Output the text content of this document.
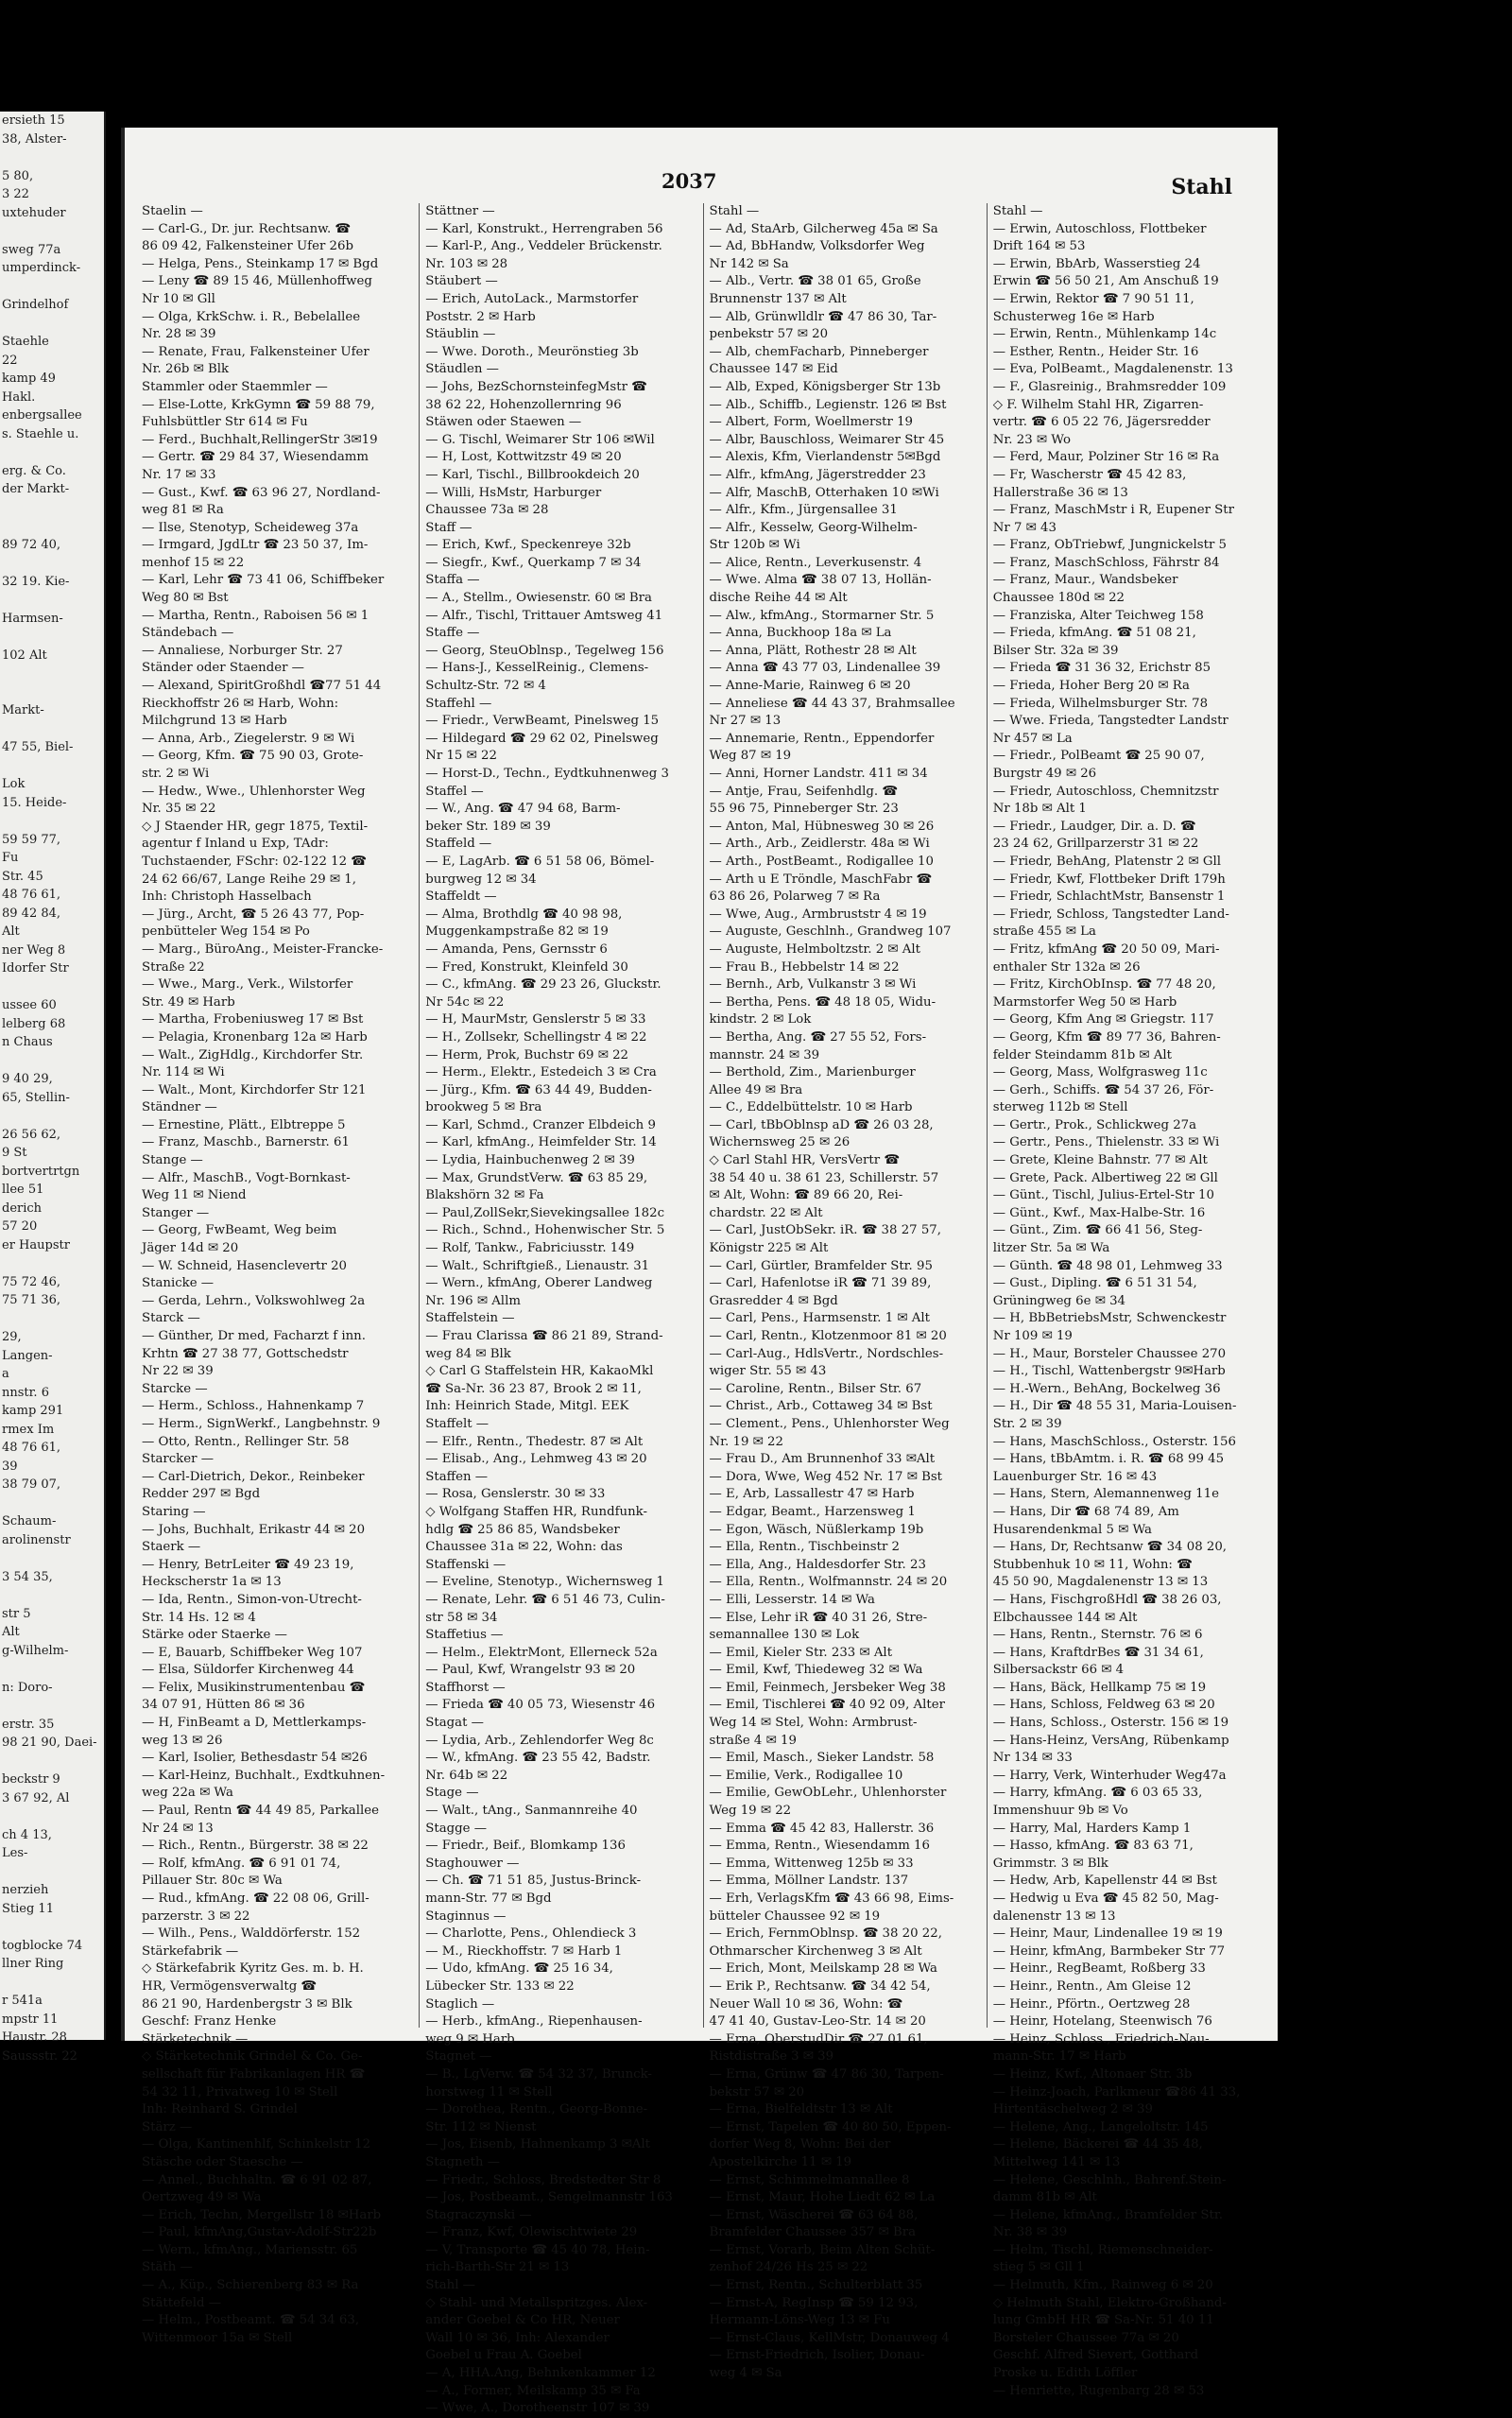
ersieth 15
38, Alster-

5 80,
3 22
uxtehuder

sweg 77a
umperdinck-

Grindelhof

Staehle
22
kamp 49
Hakl.
enbergsallee
s. Staehle u.

erg. & Co.
der Markt-

89 72 40,

32 19. Kie-

Harmsen-

102 Alt

Markt-

47 55, Biel-

Lok
15. Heide-

59 59 77,
Fu
Str. 45
48 76 61,
89 42 84,
Alt
ner Weg 8
Idorfer Str

ussee 60
lelberg 68
n Chaus

9 40 29,
65, Stellin-

26 56 62,
9 St
bortvertrtgn
llee 51
derich
57 20
er Haupstr

75 72 46,
75 71 36,

29,
Langen-
a
nnstr. 6
kamp 291
rmex Im
48 76 61,
39
38 79 07,

Schaum-
arolinenstr

3 54 35,

str 5
Alt
g-Wilhelm-

n: Doro-

erstr. 35
98 21 90, Daei-

beckstr 9
3 67 92, Al

ch 4 13,
Les-

nerzieh
Stieg 11

togblocke 74
llner Ring

r 541a
mpstr 11
Haustr. 28
Saussstr. 22
2037	Stahl
Staelin —
— Carl-G., Dr. jur. Rechtsanw. ☎
86 09 42, Falkensteiner Ufer 26b
— Helga, Pens., Steinkamp 17 ✉ Bgd
— Leny ☎ 89 15 46, Müllenhoffweg
Nr 10 ✉ Gll
— Olga, KrkSchw. i. R., Bebelallee
Nr. 28 ✉ 39
— Renate, Frau, Falkensteiner Ufer
Nr. 26b ✉ Blk
Stammler oder Staemmler —
— Else-Lotte, KrkGymn ☎ 59 88 79,
Fuhlsbüttler Str 614 ✉ Fu
— Ferd., Buchhalt,RellingerStr 3✉19
— Gertr. ☎ 29 84 37, Wiesendamm
Nr. 17 ✉ 33
— Gust., Kwf. ☎ 63 96 27, Nordland-
weg 81 ✉ Ra
— Ilse, Stenotyp, Scheideweg 37a
— Irmgard, JgdLtr ☎ 23 50 37, Im-
menhof 15 ✉ 22
— Karl, Lehr ☎ 73 41 06, Schiffbeker
Weg 80 ✉ Bst
— Martha, Rentn., Raboisen 56 ✉ 1
Ständebach —
— Annaliese, Norburger Str. 27
Ständer oder Staender —
— Alexand, SpiritGroßhdl ☎77 51 44
Rieckhoffstr 26 ✉ Harb, Wohn:
Milchgrund 13 ✉ Harb
— Anna, Arb., Ziegelerstr. 9 ✉ Wi
— Georg, Kfm. ☎ 75 90 03, Grote-
str. 2 ✉ Wi
— Hedw., Wwe., Uhlenhorster Weg
Nr. 35 ✉ 22
◇ J Staender HR, gegr 1875, Textil-
agentur f Inland u Exp, TAdr:
Tuchstaender, FSchr: 02-122 12 ☎
24 62 66/67, Lange Reihe 29 ✉ 1,
Inh: Christoph Hasselbach
— Jürg., Archt, ☎ 5 26 43 77, Pop-
penbütteler Weg 154 ✉ Po
— Marg., BüroAng., Meister-Francke-
Straße 22
— Wwe., Marg., Verk., Wilstorfer
Str. 49 ✉ Harb
— Martha, Frobeniusweg 17 ✉ Bst
— Pelagia, Kronenbarg 12a ✉ Harb
— Walt., ZigHdlg., Kirchdorfer Str.
Nr. 114 ✉ Wi
— Walt., Mont, Kirchdorfer Str 121
Ständner —
— Ernestine, Plätt., Elbtreppe 5
— Franz, Maschb., Barnerstr. 61
Stange —
— Alfr., MaschB., Vogt-Bornkast-
Weg 11 ✉ Niend
Stanger —
— Georg, FwBeamt, Weg beim
Jäger 14d ✉ 20
— W. Schneid, Hasenclevertr 20
Stanicke —
— Gerda, Lehrn., Volkswohlweg 2a
Starck —
— Günther, Dr med, Facharzt f inn.
Krhtn ☎ 27 38 77, Gottschedstr
Nr 22 ✉ 39
Starcke —
— Herm., Schloss., Hahnenkamp 7
— Herm., SignWerkf., Langbehnstr. 9
— Otto, Rentn., Rellinger Str. 58
Starcker —
— Carl-Dietrich, Dekor., Reinbeker
Redder 297 ✉ Bgd
Staring —
— Johs, Buchhalt, Erikastr 44 ✉ 20
Staerk —
— Henry, BetrLeiter ☎ 49 23 19,
Heckscherstr 1a ✉ 13
— Ida, Rentn., Simon-von-Utrecht-
Str. 14 Hs. 12 ✉ 4
Stärke oder Staerke —
— E, Bauarb, Schiffbeker Weg 107
— Elsa, Süldorfer Kirchenweg 44
— Felix, Musikinstrumentenbau ☎
34 07 91, Hütten 86 ✉ 36
— H, FinBeamt a D, Mettlerkamps-
weg 13 ✉ 26
— Karl, Isolier, Bethesdastr 54 ✉26
— Karl-Heinz, Buchhalt., Exdtkuhnen-
weg 22a ✉ Wa
— Paul, Rentn ☎ 44 49 85, Parkallee
Nr 24 ✉ 13
— Rich., Rentn., Bürgerstr. 38 ✉ 22
— Rolf, kfmAng. ☎ 6 91 01 74,
Pillauer Str. 80c ✉ Wa
— Rud., kfmAng. ☎ 22 08 06, Grill-
parzerstr. 3 ✉ 22
— Wilh., Pens., Walddörferstr. 152
Stärkefabrik —
◇ Stärkefabrik Kyritz Ges. m. b. H.
HR, Vermögensverwaltg ☎
86 21 90, Hardenbergstr 3 ✉ Blk
Geschf: Franz Henke
Stärketechnik —
◇ Stärketechnik Grindel & Co. Ge-
sellschaft für Fabrikanlagen HR ☎
54 32 11, Privatweg 10 ✉ Stell
Inh: Reinhard S. Grindel
Stärz —
— Olga, Kantinenhlf, Schinkelstr 12
Stäsche oder Staesche —
— Annel., Buchhaltn. ☎ 6 91 02 87,
Oertzweg 49 ✉ Wa
— Erich, Techn, Mergellstr 18 ✉Harb
— Paul, kfmAng,Gustav-Adolf-Str22b
— Wern., kfmAng., Mariensstr. 65
Stäth —
— A., Küp., Schierenberg 83 ✉ Ra
Stättefeld —
— Helm., Postbeamt. ☎ 54 34 63,
Wittenmoor 15a ✉ Stell
Stättner —
— Karl, Konstrukt., Herrengraben 56
— Karl-P., Ang., Veddeler Brückenstr.
Nr. 103 ✉ 28
Stäubert —
— Erich, AutoLack., Marmstorfer
Poststr. 2 ✉ Harb
Stäublin —
— Wwe. Doroth., Meurönstieg 3b
Stäudlen —
— Johs, BezSchornsteinfegMstr ☎
38 62 22, Hohenzollernring 96
Stäwen oder Staewen —
— G. Tischl, Weimarer Str 106 ✉Wil
— H, Lost, Kottwitzstr 49 ✉ 20
— Karl, Tischl., Billbrookdeich 20
— Willi, HsMstr, Harburger
Chaussee 73a ✉ 28
Staff —
— Erich, Kwf., Speckenreye 32b
— Siegfr., Kwf., Querkamp 7 ✉ 34
Staffa —
— A., Stellm., Owiesenstr. 60 ✉ Bra
— Alfr., Tischl, Trittauer Amtsweg 41
Staffe —
— Georg, SteuOblnsp., Tegelweg 156
— Hans-J., KesselReinig., Clemens-
Schultz-Str. 72 ✉ 4
Staffehl —
— Friedr., VerwBeamt, Pinelsweg 15
— Hildegard ☎ 29 62 02, Pinelsweg
Nr 15 ✉ 22
— Horst-D., Techn., Eydtkuhnenweg 3
Staffel —
— W., Ang. ☎ 47 94 68, Barm-
beker Str. 189 ✉ 39
Staffeld —
— E, LagArb. ☎ 6 51 58 06, Bömel-
burgweg 12 ✉ 34
Staffeldt —
— Alma, Brothdlg ☎ 40 98 98,
Muggenkampstraße 82 ✉ 19
— Amanda, Pens, Gernsstr 6
— Fred, Konstrukt, Kleinfeld 30
— C., kfmAng. ☎ 29 23 26, Gluckstr.
Nr 54c ✉ 22
— H, MaurMstr, Genslerstr 5 ✉ 33
— H., Zollsekr, Schellingstr 4 ✉ 22
— Herm, Prok, Buchstr 69 ✉ 22
— Herm., Elektr., Estedeich 3 ✉ Cra
— Jürg., Kfm. ☎ 63 44 49, Budden-
brookweg 5 ✉ Bra
— Karl, Schmd., Cranzer Elbdeich 9
— Karl, kfmAng., Heimfelder Str. 14
— Lydia, Hainbuchenweg 2 ✉ 39
— Max, GrundstVerw. ☎ 63 85 29,
Blakshörn 32 ✉ Fa
— Paul,ZollSekr,Sievekingsallee 182c
— Rich., Schnd., Hohenwischer Str. 5
— Rolf, Tankw., Fabriciusstr. 149
— Walt., Schriftgieß., Lienaustr. 31
— Wern., kfmAng, Oberer Landweg
Nr. 196 ✉ Allm
Staffelstein —
— Frau Clarissa ☎ 86 21 89, Strand-
weg 84 ✉ Blk
◇ Carl G Staffelstein HR, KakaoMkl
☎ Sa-Nr. 36 23 87, Brook 2 ✉ 11,
Inh: Heinrich Stade, Mitgl. EEK
Staffelt —
— Elfr., Rentn., Thedestr. 87 ✉ Alt
— Elisab., Ang., Lehmweg 43 ✉ 20
Staffen —
— Rosa, Genslerstr. 30 ✉ 33
◇ Wolfgang Staffen HR, Rundfunk-
hdlg ☎ 25 86 85, Wandsbeker
Chaussee 31a ✉ 22, Wohn: das
Staffenski —
— Eveline, Stenotyp., Wichernsweg 1
— Renate, Lehr. ☎ 6 51 46 73, Culin-
str 58 ✉ 34
Staffetius —
— Helm., ElektrMont, Ellerneck 52a
— Paul, Kwf, Wrangelstr 93 ✉ 20
Staffhorst —
— Frieda ☎ 40 05 73, Wiesenstr 46
Stagat —
— Lydia, Arb., Zehlendorfer Weg 8c
— W., kfmAng. ☎ 23 55 42, Badstr.
Nr. 64b ✉ 22
Stage —
— Walt., tAng., Sanmannreihe 40
Stagge —
— Friedr., Beif., Blomkamp 136
Staghouwer —
— Ch. ☎ 71 51 85, Justus-Brinck-
mann-Str. 77 ✉ Bgd
Staginnus —
— Charlotte, Pens., Ohlendieck 3
— M., Rieckhoffstr. 7 ✉ Harb 1
— Udo, kfmAng. ☎ 25 16 34,
Lübecker Str. 133 ✉ 22
Staglich —
— Herb., kfmAng., Riepenhausen-
weg 9 ✉ Harb
Stagnet —
— B., LgVerw. ☎ 54 32 37, Brunck-
horstweg 11 ✉ Stell
— Dorothea, Rentn., Georg-Bonne-
Str. 112 ✉ Nienst
— Jos, Eisenb, Hahnenkamp 3 ✉Alt
Stagneth —
— Friedr., Schloss, Bredstedter Str 8
— Jos, Postbeamt., Sengelmannstr 163
Stagraczynski —
— Franz, Kwf, Olewischtwiete 29
— V, Transporte ☎ 45 40 78, Hein-
rich-Barth-Str 21 ✉ 13
Stahl —
◇ Stahl- und Metallspritzges. Alex-
ander Goebel & Co HR, Neuer
Wall 10 ✉ 36, Inh: Alexander
Goebel u Frau A. Goebel
— A, HHA.Ang, Behnkenkammer 12
— A., Former, Meilskamp 35 ✉ Fa
— Wwe, A., Dorotheenstr 107 ✉ 39
Stahl —
— Ad, StaArb, Gilcherweg 45a ✉ Sa
— Ad, BbHandw, Volksdorfer Weg
Nr 142 ✉ Sa
— Alb., Vertr. ☎ 38 01 65, Große
Brunnenstr 137 ✉ Alt
— Alb, Grünwlldlr ☎ 47 86 30, Tar-
penbekstr 57 ✉ 20
— Alb, chemFacharb, Pinneberger
Chaussee 147 ✉ Eid
— Alb, Exped, Königsberger Str 13b
— Alb., Schiffb., Legienstr. 126 ✉ Bst
— Albert, Form, Woellmerstr 19
— Albr, Bauschloss, Weimarer Str 45
— Alexis, Kfm, Vierlandenstr 5✉Bgd
— Alfr., kfmAng, Jägerstredder 23
— Alfr, MaschB, Otterhaken 10 ✉Wi
— Alfr., Kfm., Jürgensallee 31
— Alfr., Kesselw, Georg-Wilhelm-
Str 120b ✉ Wi
— Alice, Rentn., Leverkusenstr. 4
— Wwe. Alma ☎ 38 07 13, Hollän-
dische Reihe 44 ✉ Alt
— Alw., kfmAng., Stormarner Str. 5
— Anna, Buckhoop 18a ✉ La
— Anna, Plätt, Rothestr 28 ✉ Alt
— Anna ☎ 43 77 03, Lindenallee 39
— Anne-Marie, Rainweg 6 ✉ 20
— Anneliese ☎ 44 43 37, Brahmsallee
Nr 27 ✉ 13
— Annemarie, Rentn., Eppendorfer
Weg 87 ✉ 19
— Anni, Horner Landstr. 411 ✉ 34
— Antje, Frau, Seifenhdlg. ☎
55 96 75, Pinneberger Str. 23
— Anton, Mal, Hübnesweg 30 ✉ 26
— Arth., Arb., Zeidlerstr. 48a ✉ Wi
— Arth., PostBeamt., Rodigallee 10
— Arth u E Tröndle, MaschFabr ☎
63 86 26, Polarweg 7 ✉ Ra
— Wwe, Aug., Armbruststr 4 ✉ 19
— Auguste, Geschlnh., Grandweg 107
— Auguste, Helmboltzstr. 2 ✉ Alt
— Frau B., Hebbelstr 14 ✉ 22
— Bernh., Arb, Vulkanstr 3 ✉ Wi
— Bertha, Pens. ☎ 48 18 05, Widu-
kindstr. 2 ✉ Lok
— Bertha, Ang. ☎ 27 55 52, Fors-
mannstr. 24 ✉ 39
— Berthold, Zim., Marienburger
Allee 49 ✉ Bra
— C., Eddelbüttelstr. 10 ✉ Harb
— Carl, tBbOblnsp aD ☎ 26 03 28,
Wichernsweg 25 ✉ 26
◇ Carl Stahl HR, VersVertr ☎
38 54 40 u. 38 61 23, Schillerstr. 57
✉ Alt, Wohn: ☎ 89 66 20, Rei-
chardstr. 22 ✉ Alt
— Carl, JustObSekr. iR. ☎ 38 27 57,
Königstr 225 ✉ Alt
— Carl, Gürtler, Bramfelder Str. 95
— Carl, Hafenlotse iR ☎ 71 39 89,
Grasredder 4 ✉ Bgd
— Carl, Pens., Harmsenstr. 1 ✉ Alt
— Carl, Rentn., Klotzenmoor 81 ✉ 20
— Carl-Aug., HdlsVertr., Nordschles-
wiger Str. 55 ✉ 43
— Caroline, Rentn., Bilser Str. 67
— Christ., Arb., Cottaweg 34 ✉ Bst
— Clement., Pens., Uhlenhorster Weg
Nr. 19 ✉ 22
— Frau D., Am Brunnenhof 33 ✉Alt
— Dora, Wwe, Weg 452 Nr. 17 ✉ Bst
— E, Arb, Lassallestr 47 ✉ Harb
— Edgar, Beamt., Harzensweg 1
— Egon, Wäsch, Nüßlerkamp 19b
— Ella, Rentn., Tischbeinstr 2
— Ella, Ang., Haldesdorfer Str. 23
— Ella, Rentn., Wolfmannstr. 24 ✉ 20
— Elli, Lesserstr. 14 ✉ Wa
— Else, Lehr iR ☎ 40 31 26, Stre-
semannallee 130 ✉ Lok
— Emil, Kieler Str. 233 ✉ Alt
— Emil, Kwf, Thiedeweg 32 ✉ Wa
— Emil, Feinmech, Jersbeker Weg 38
— Emil, Tischlerei ☎ 40 92 09, Alter
Weg 14 ✉ Stel, Wohn: Armbrust-
straße 4 ✉ 19
— Emil, Masch., Sieker Landstr. 58
— Emilie, Verk., Rodigallee 10
— Emilie, GewObLehr., Uhlenhorster
Weg 19 ✉ 22
— Emma ☎ 45 42 83, Hallerstr. 36
— Emma, Rentn., Wiesendamm 16
— Emma, Wittenweg 125b ✉ 33
— Emma, Möllner Landstr. 137
— Erh, VerlagsKfm ☎ 43 66 98, Eims-
bütteler Chaussee 92 ✉ 19
— Erich, FernmOblnsp. ☎ 38 20 22,
Othmarscher Kirchenweg 3 ✉ Alt
— Erich, Mont, Meilskamp 28 ✉ Wa
— Erik P., Rechtsanw. ☎ 34 42 54,
Neuer Wall 10 ✉ 36, Wohn: ☎
47 41 40, Gustav-Leo-Str. 14 ✉ 20
— Erna, OberstudDir ☎ 27 01 61,
Ristdistraße 3 ✉ 39
— Erna, Grünw ☎ 47 86 30, Tarpen-
bekstr 57 ✉ 20
— Erna, Bielfeldtstr 13 ✉ Alt
— Ernst, Tapelen ☎ 40 80 50, Eppen-
dorfer Weg 8, Wohn: Bei der
Apostelkirche 11 ✉ 19
— Ernst, Schimmelmannallee 8
— Ernst, Maur, Hohe Liedt 62 ✉ La
— Ernst, Wäscherei ☎ 63 64 88,
Bramfelder Chaussee 357 ✉ Bra
— Ernst, Vorarb, Beim Alten Schüt-
zenhof 24/26 Hs 25 ✉ 22
— Ernst, Rentn., Schulterblatt 35
— Ernst-A, RegInsp ☎ 59 12 93,
Hermann-Löns-Weg 13 ✉ Fu
— Ernst-Claus, KellMstr, Donauweg 4
— Ernst-Friedrich, Isolier, Donau-
weg 4 ✉ Sa
Stahl —
— Erwin, Autoschloss, Flottbeker
Drift 164 ✉ 53
— Erwin, BbArb, Wasserstieg 24
Erwin ☎ 56 50 21, Am Anschuß 19
— Erwin, Rektor ☎ 7 90 51 11,
Schusterweg 16e ✉ Harb
— Erwin, Rentn., Mühlenkamp 14c
— Esther, Rentn., Heider Str. 16
— Eva, PolBeamt., Magdalenenstr. 13
— F., Glasreinig., Brahmsredder 109
◇ F. Wilhelm Stahl HR, Zigarren-
vertr. ☎ 6 05 22 76, Jägersredder
Nr. 23 ✉ Wo
— Ferd, Maur, Polziner Str 16 ✉ Ra
— Fr, Wascherstr ☎ 45 42 83,
Hallerstraße 36 ✉ 13
— Franz, MaschMstr i R, Eupener Str
Nr 7 ✉ 43
— Franz, ObTriebwf, Jungnickelstr 5
— Franz, MaschSchloss, Fährstr 84
— Franz, Maur., Wandsbeker
Chaussee 180d ✉ 22
— Franziska, Alter Teichweg 158
— Frieda, kfmAng. ☎ 51 08 21,
Bilser Str. 32a ✉ 39
— Frieda ☎ 31 36 32, Erichstr 85
— Frieda, Hoher Berg 20 ✉ Ra
— Frieda, Wilhelmsburger Str. 78
— Wwe. Frieda, Tangstedter Landstr
Nr 457 ✉ La
— Friedr., PolBeamt ☎ 25 90 07,
Burgstr 49 ✉ 26
— Friedr, Autoschloss, Chemnitzstr
Nr 18b ✉ Alt 1
— Friedr., Laudger, Dir. a. D. ☎
23 24 62, Grillparzerstr 31 ✉ 22
— Friedr, BehAng, Platenstr 2 ✉ Gll
— Friedr, Kwf, Flottbeker Drift 179h
— Friedr, SchlachtMstr, Bansenstr 1
— Friedr, Schloss, Tangstedter Land-
straße 455 ✉ La
— Fritz, kfmAng ☎ 20 50 09, Mari-
enthaler Str 132a ✉ 26
— Fritz, KirchObInsp. ☎ 77 48 20,
Marmstorfer Weg 50 ✉ Harb
— Georg, Kfm Ang ✉ Griegstr. 117
— Georg, Kfm ☎ 89 77 36, Bahren-
felder Steindamm 81b ✉ Alt
— Georg, Mass, Wolfgrasweg 11c
— Gerh., Schiffs. ☎ 54 37 26, För-
sterweg 112b ✉ Stell
— Gertr., Prok., Schlickweg 27a
— Gertr., Pens., Thielenstr. 33 ✉ Wi
— Grete, Kleine Bahnstr. 77 ✉ Alt
— Grete, Pack. Albertiweg 22 ✉ Gll
— Günt., Tischl, Julius-Ertel-Str 10
— Günt., Kwf., Max-Halbe-Str. 16
— Günt., Zim. ☎ 66 41 56, Steg-
litzer Str. 5a ✉ Wa
— Günth. ☎ 48 98 01, Lehmweg 33
— Gust., Dipling. ☎ 6 51 31 54,
Grüningweg 6e ✉ 34
— H, BbBetriebsMstr, Schwenckestr
Nr 109 ✉ 19
— H., Maur, Borsteler Chaussee 270
— H., Tischl, Wattenbergstr 9✉Harb
— H.-Wern., BehAng, Bockelweg 36
— H., Dir ☎ 48 55 31, Maria-Louisen-
Str. 2 ✉ 39
— Hans, MaschSchloss., Osterstr. 156
— Hans, tBbAmtm. i. R. ☎ 68 99 45
Lauenburger Str. 16 ✉ 43
— Hans, Stern, Alemannenweg 11e
— Hans, Dir ☎ 68 74 89, Am
Husarendenkmal 5 ✉ Wa
— Hans, Dr, Rechtsanw ☎ 34 08 20,
Stubbenhuk 10 ✉ 11, Wohn: ☎
45 50 90, Magdalenenstr 13 ✉ 13
— Hans, FischgroßHdl ☎ 38 26 03,
Elbchaussee 144 ✉ Alt
— Hans, Rentn., Sternstr. 76 ✉ 6
— Hans, KraftdrBes ☎ 31 34 61,
Silbersackstr 66 ✉ 4
— Hans, Bäck, Hellkamp 75 ✉ 19
— Hans, Schloss, Feldweg 63 ✉ 20
— Hans, Schloss., Osterstr. 156 ✉ 19
— Hans-Heinz, VersAng, Rübenkamp
Nr 134 ✉ 33
— Harry, Verk, Winterhuder Weg47a
— Harry, kfmAng. ☎ 6 03 65 33,
Immenshuur 9b ✉ Vo
— Harry, Mal, Harders Kamp 1
— Hasso, kfmAng. ☎ 83 63 71,
Grimmstr. 3 ✉ Blk
— Hedw, Arb, Kapellenstr 44 ✉ Bst
— Hedwig u Eva ☎ 45 82 50, Mag-
dalenenstr 13 ✉ 13
— Heinr, Maur, Lindenallee 19 ✉ 19
— Heinr, kfmAng, Barmbeker Str 77
— Heinr., RegBeamt, Roßberg 33
— Heinr., Rentn., Am Gleise 12
— Heinr., Pförtn., Oertzweg 28
— Heinr, Hotelang, Steenwisch 76
— Heinz, Schloss., Friedrich-Nau-
mann-Str. 17 ✉ Harb
— Heinz, Kwf., Altonaer Str. 3b
— Heinz-Joach, Parlkmeur ☎86 41 33,
Hirtentäschelweg 2 ✉ 39
— Helene, Ang., Langeloltstr. 145
— Helene, Bäckerei ☎ 44 35 48,
Mittelweg 141 ✉ 13
— Helene, Geschlnh., Bahrenf.Stein-
damm 81b ✉ Alt
— Helene, kfmAng., Bramfelder Str.
Nr. 38 ✉ 39
— Helm, Tischl, Riemenschneider-
stieg 5 ✉ Gll 1
— Helmuth, Kfm., Rainweg 6 ✉ 20
◇ Helmuth Stahl, Elektro-Großhand-
lung GmbH HR ☎ Sa-Nr. 51 40 11
Borsteler Chaussee 77a ✉ 20
Geschf. Alfred Sievert, Gotthard
Proske u. Edith Löffler
— Henriette, Rugenbarg 28 ✉ 53
